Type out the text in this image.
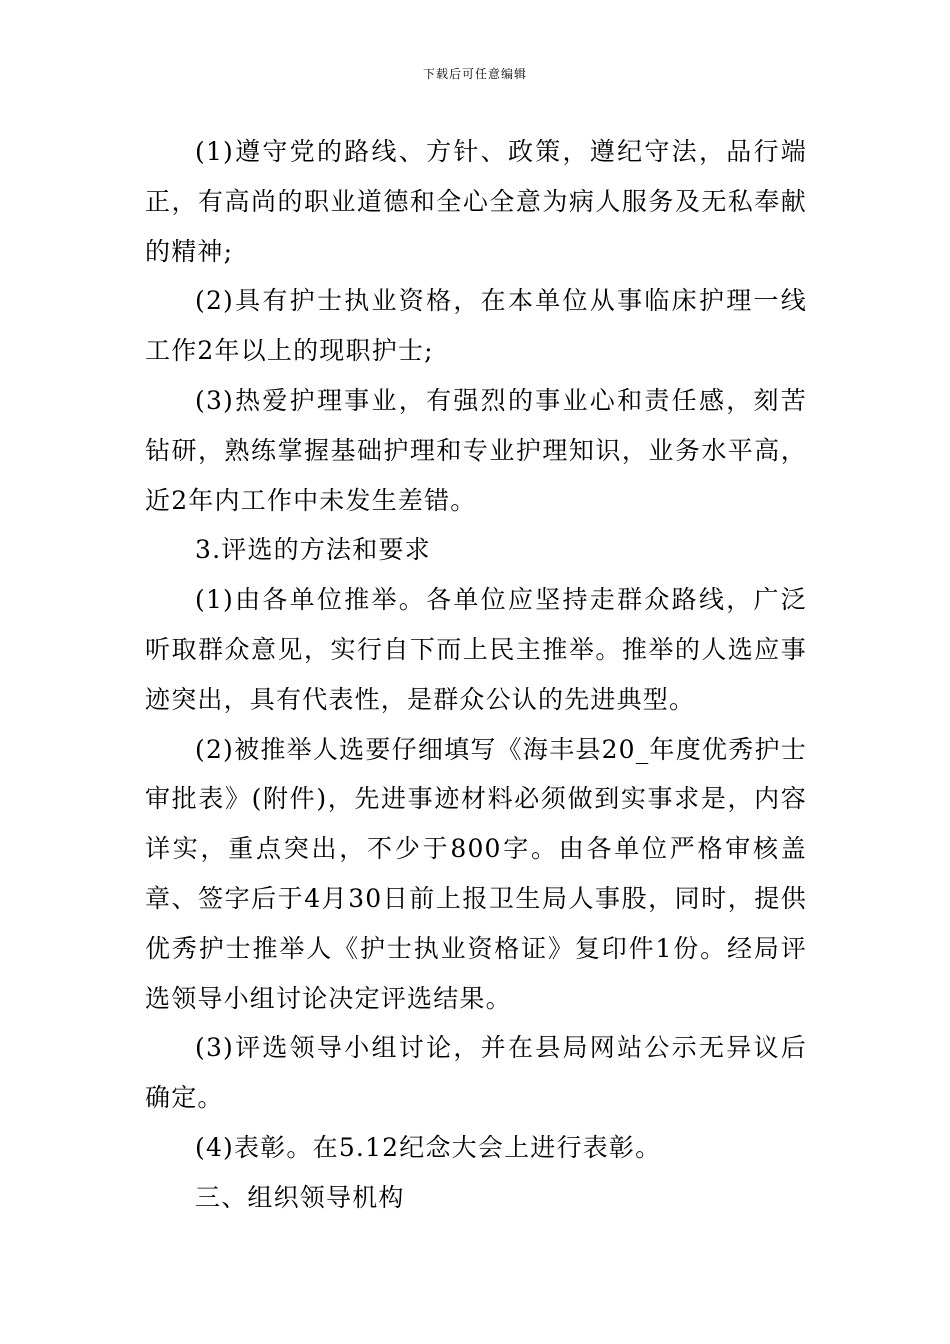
下载后可任意编辑

(1)遵守党的路线、方针、政策，遵纪守法，品行端正，有高尚的职业道德和全心全意为病人服务及无私奉献的精神;

(2)具有护士执业资格，在本单位从事临床护理一线工作2年以上的现职护士;

(3)热爱护理事业，有强烈的事业心和责任感，刻苦钻研，熟练掌握基础护理和专业护理知识，业务水平高，近2年内工作中未发生差错。

3.评选的方法和要求

(1)由各单位推举。各单位应坚持走群众路线，广泛听取群众意见，实行自下而上民主推举。推举的人选应事迹突出，具有代表性，是群众公认的先进典型。

(2)被推举人选要仔细填写《海丰县20_年度优秀护士审批表》(附件)，先进事迹材料必须做到实事求是，内容详实，重点突出，不少于800字。由各单位严格审核盖章、签字后于4月30日前上报卫生局人事股，同时，提供优秀护士推举人《护士执业资格证》复印件1份。经局评选领导小组讨论决定评选结果。

(3)评选领导小组讨论，并在县局网站公示无异议后确定。

(4)表彰。在5.12纪念大会上进行表彰。

三、组织领导机构
